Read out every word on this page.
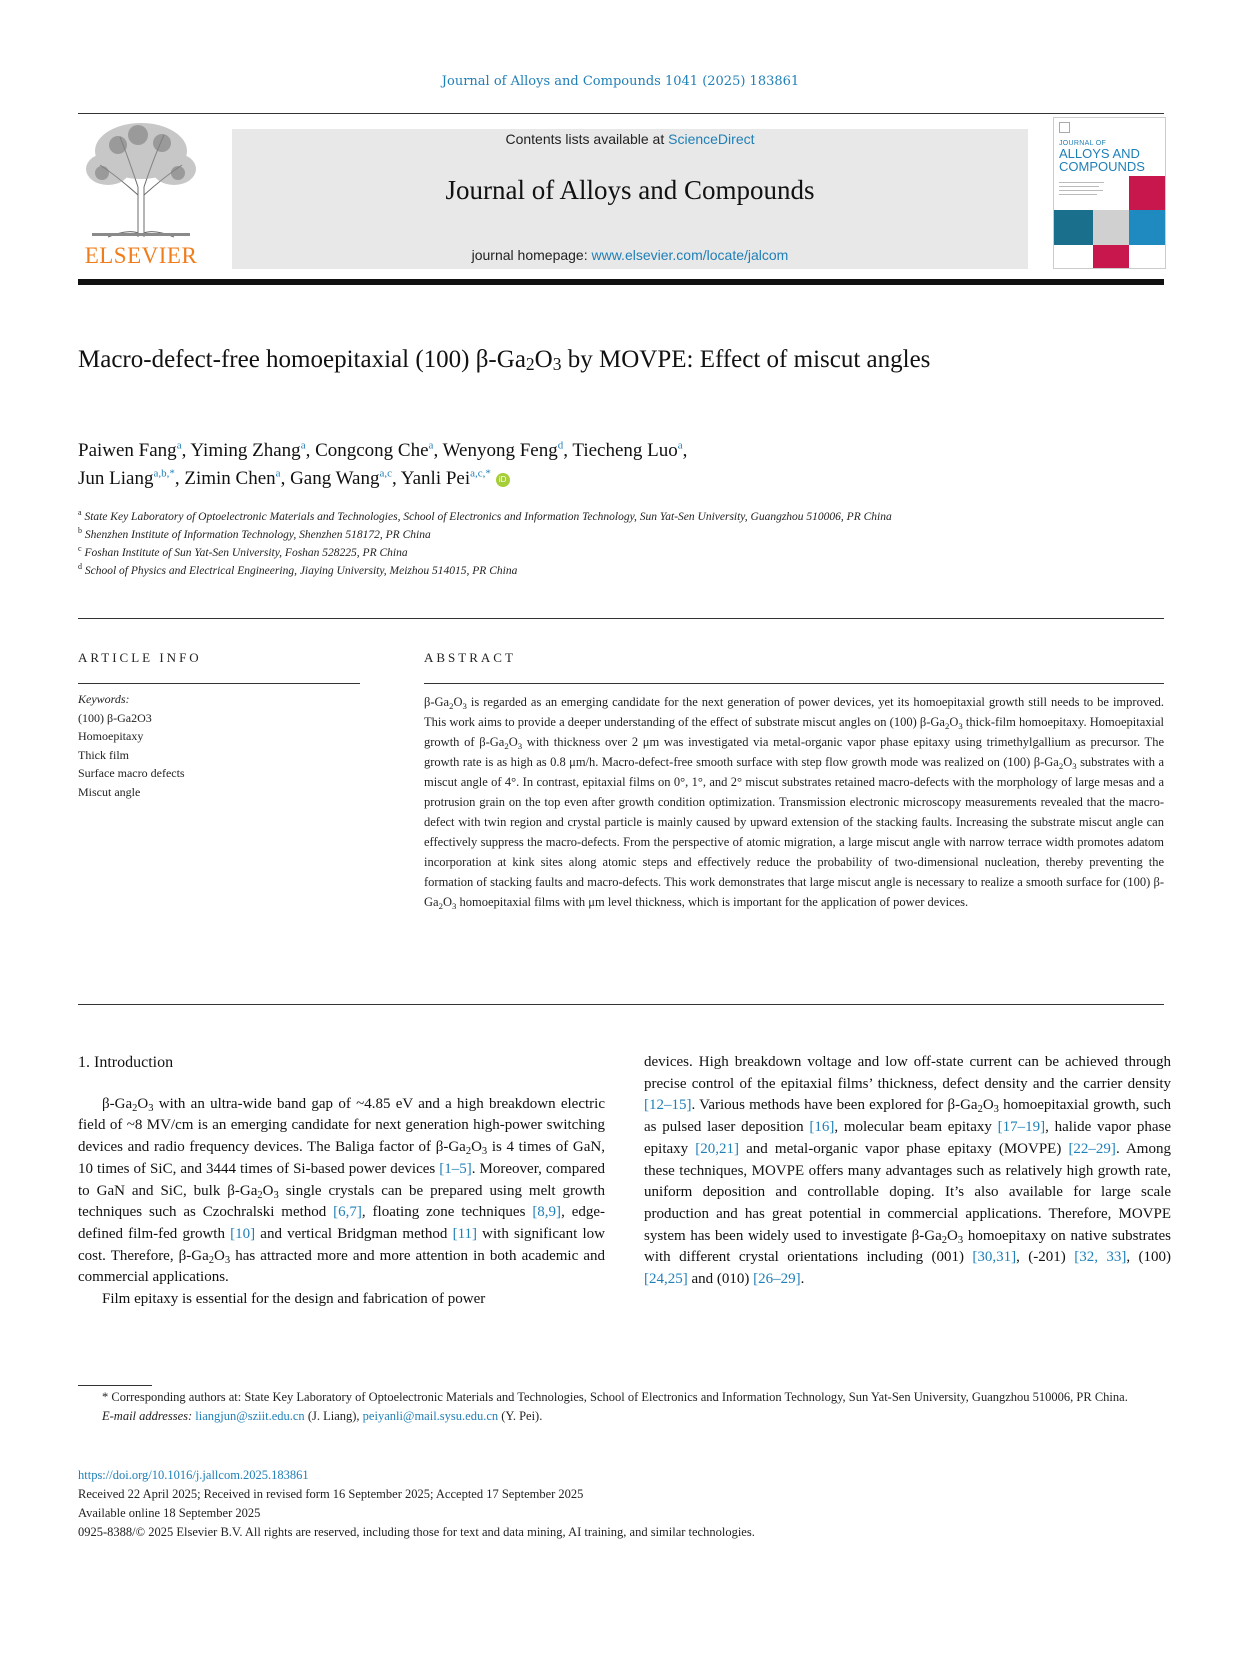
Journal of Alloys and Compounds 1041 (2025) 183861
ELSEVIER
Contents lists available at ScienceDirect
Journal of Alloys and Compounds
journal homepage: www.elsevier.com/locate/jalcom
JOURNAL OF
ALLOYS AND
COMPOUNDS
Macro-defect-free homoepitaxial (100) $\beta-Ga_2O_3$ by MOVPE: Effect of miscut angles
Paiwen Fang$^a$, Yiming Zhang$^a$, Congcong Che$^a$, Wenyong Feng$^d$, Tiecheng Luo$^a$,
Jun Liang$^{a,b,*}$, Zimin Chen$^a$, Gang Wang$^{a,c}$, Yanli Pei$^{a,c,*}$ iD
$^a$ State Key Laboratory of Optoelectronic Materials and Technologies, School of Electronics and Information Technology, Sun Yat-Sen University, Guangzhou 510006, PR China
$^b$ Shenzhen Institute of Information Technology, Shenzhen 518172, PR China
$^c$ Foshan Institute of Sun Yat-Sen University, Foshan 528225, PR China
$^d$ School of Physics and Electrical Engineering, Jiaying University, Meizhou 514015, PR China
ARTICLE INFO	ABSTRACT
Keywords:
(100) β-Ga2O3
Homoepitaxy
Thick film
Surface macro defects
Miscut angle
$\beta-Ga_2O_3$ is regarded as an emerging candidate for the next generation of power devices, yet its homoepitaxial growth still needs to be improved. This work aims to provide a deeper understanding of the effect of substrate miscut angles on (100) $\beta-Ga_2O_3$ thick-film homoepitaxy. Homoepitaxial growth of $\beta-Ga_2O_3$ with thickness over 2 μm was investigated via metal-organic vapor phase epitaxy using trimethylgallium as precursor. The growth rate is as high as 0.8 μm/h. Macro-defect-free smooth surface with step flow growth mode was realized on (100) $\beta-Ga_2O_3$ substrates with a miscut angle of 4°. In contrast, epitaxial films on 0°, 1°, and 2° miscut substrates retained macro-defects with the morphology of large mesas and a protrusion grain on the top even after growth condition optimization. Transmission electronic microscopy measurements revealed that the macro-defect with twin region and crystal particle is mainly caused by upward extension of the stacking faults. Increasing the substrate miscut angle can effectively suppress the macro-defects. From the perspective of atomic migration, a large miscut angle with narrow terrace width promotes adatom incorporation at kink sites along atomic steps and effectively reduce the probability of two-dimensional nucleation, thereby preventing the formation of stacking faults and macro-defects. This work demonstrates that large miscut angle is necessary to realize a smooth surface for (100) $\beta-Ga_2O_3$ homoepitaxial films with μm level thickness, which is important for the application of power devices.
1. Introduction

$\beta-Ga_2O_3$ with an ultra-wide band gap of ~4.85 eV and a high breakdown electric field of ~8 MV/cm is an emerging candidate for next generation high-power switching devices and radio frequency devices. The Baliga factor of $\beta-Ga_2O_3$ is 4 times of GaN, 10 times of SiC, and 3444 times of Si-based power devices [1–5]. Moreover, compared to GaN and SiC, bulk $\beta-Ga_2O_3$ single crystals can be prepared using melt growth techniques such as Czochralski method [6,7], floating zone techniques [8,9], edge-defined film-fed growth [10] and vertical Bridgman method [11] with significant low cost. Therefore, $\beta-Ga_2O_3$ has attracted more and more attention in both academic and commercial applications.

Film epitaxy is essential for the design and fabrication of power

devices. High breakdown voltage and low off-state current can be achieved through precise control of the epitaxial films’ thickness, defect density and the carrier density [12–15]. Various methods have been explored for $\beta-Ga_2O_3$ homoepitaxial growth, such as pulsed laser deposition [16], molecular beam epitaxy [17–19], halide vapor phase epitaxy [20,21] and metal-organic vapor phase epitaxy (MOVPE) [22–29]. Among these techniques, MOVPE offers many advantages such as relatively high growth rate, uniform deposition and controllable doping. It’s also available for large scale production and has great potential in commercial applications. Therefore, MOVPE system has been widely used to investigate $\beta-Ga_2O_3$ homoepitaxy on native substrates with different crystal orientations including (001) [30,31], (-201) [32, 33], (100) [24,25] and (010) [26–29].

* Corresponding authors at: State Key Laboratory of Optoelectronic Materials and Technologies, School of Electronics and Information Technology, Sun Yat-Sen University, Guangzhou 510006, PR China.
E-mail addresses: liangjun@sziit.edu.cn (J. Liang), peiyanli@mail.sysu.edu.cn (Y. Pei).
https://doi.org/10.1016/j.jallcom.2025.183861
Received 22 April 2025; Received in revised form 16 September 2025; Accepted 17 September 2025
Available online 18 September 2025
0925-8388/© 2025 Elsevier B.V. All rights are reserved, including those for text and data mining, AI training, and similar technologies.
